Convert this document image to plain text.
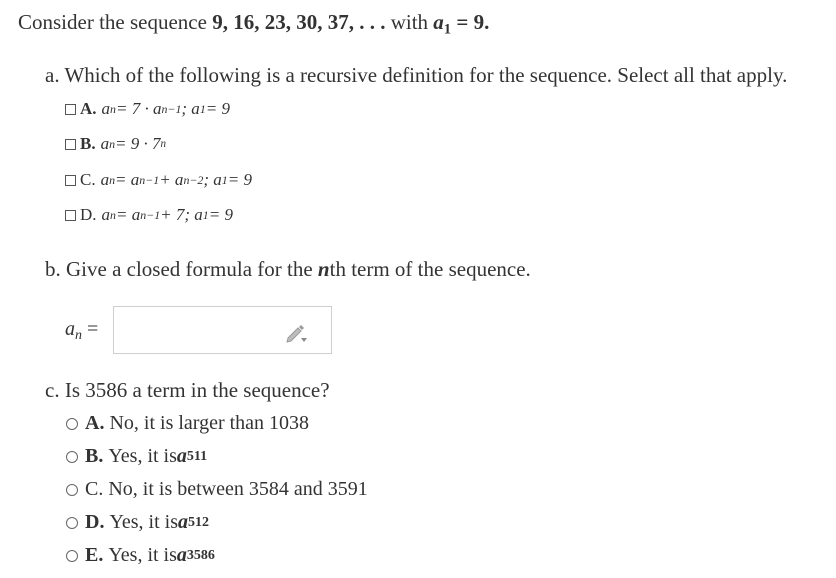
Consider the sequence 9, 16, 23, 30, 37, . . . with $a_1 = 9$.
a. Which of the following is a recursive definition for the sequence. Select all that apply.
A. a n = 7 · a n−1 ; a 1 = 9
B. a n = 9 · 7 n
C. a n = a n−1 + a n−2 ; a 1 = 9
D. a n = a n−1 + 7; a 1 = 9
b. Give a closed formula for the nth term of the sequence.
$a_n$ =
c. Is 3586 a term in the sequence?
A. No, it is larger than 1038
B. Yes, it is a 511
C. No, it is between 3584 and 3591
D. Yes, it is a 512
E. Yes, it is a 3586
